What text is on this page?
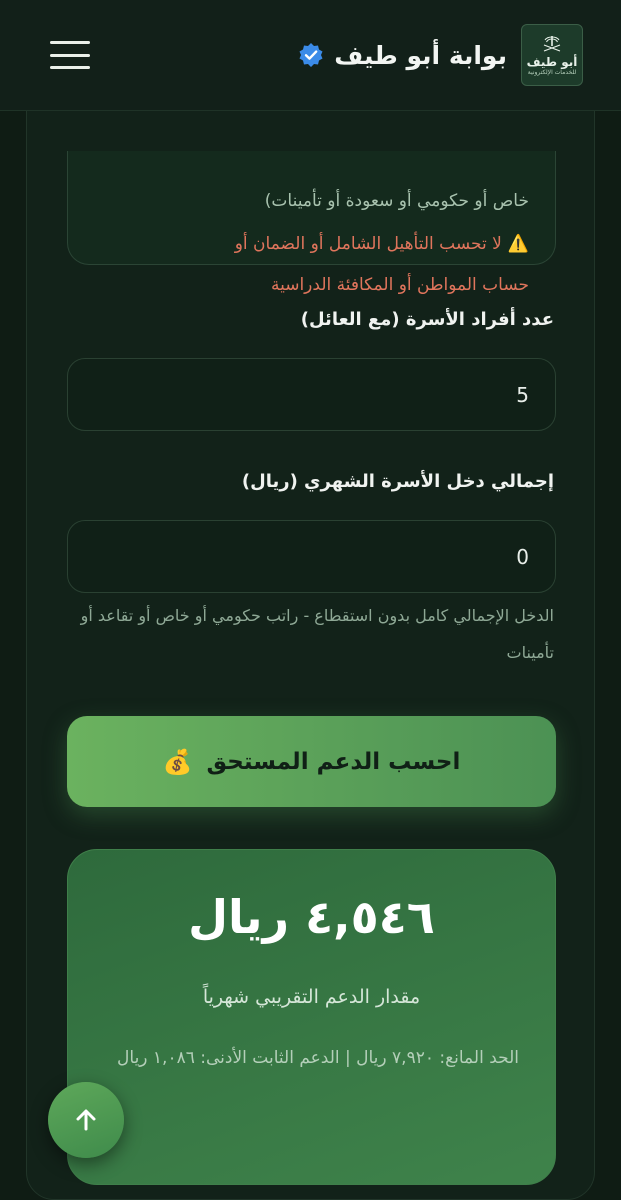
بوابة أبو طيف أبو طيف
للخدمات الإلكترونية
خاص أو حكومي أو سعودة أو تأمينات)
⚠️لا تحسب التأهيل الشامل أو الضمان أو
حساب المواطن أو المكافئة الدراسية
عدد أفراد الأسرة (مع العائل)
5
إجمالي دخل الأسرة الشهري (ريال)
0
الدخل الإجمالي كامل بدون استقطاع - راتب حكومي أو خاص أو تقاعد أو تأمينات
احسب الدعم المستحق
💰
٤,٥٤٦ ريال
مقدار الدعم التقريبي شهرياً
الحد المانع: ٧,٩٢٠ ريال | الدعم الثابت الأدنى: ١,٠٨٦ ريال
